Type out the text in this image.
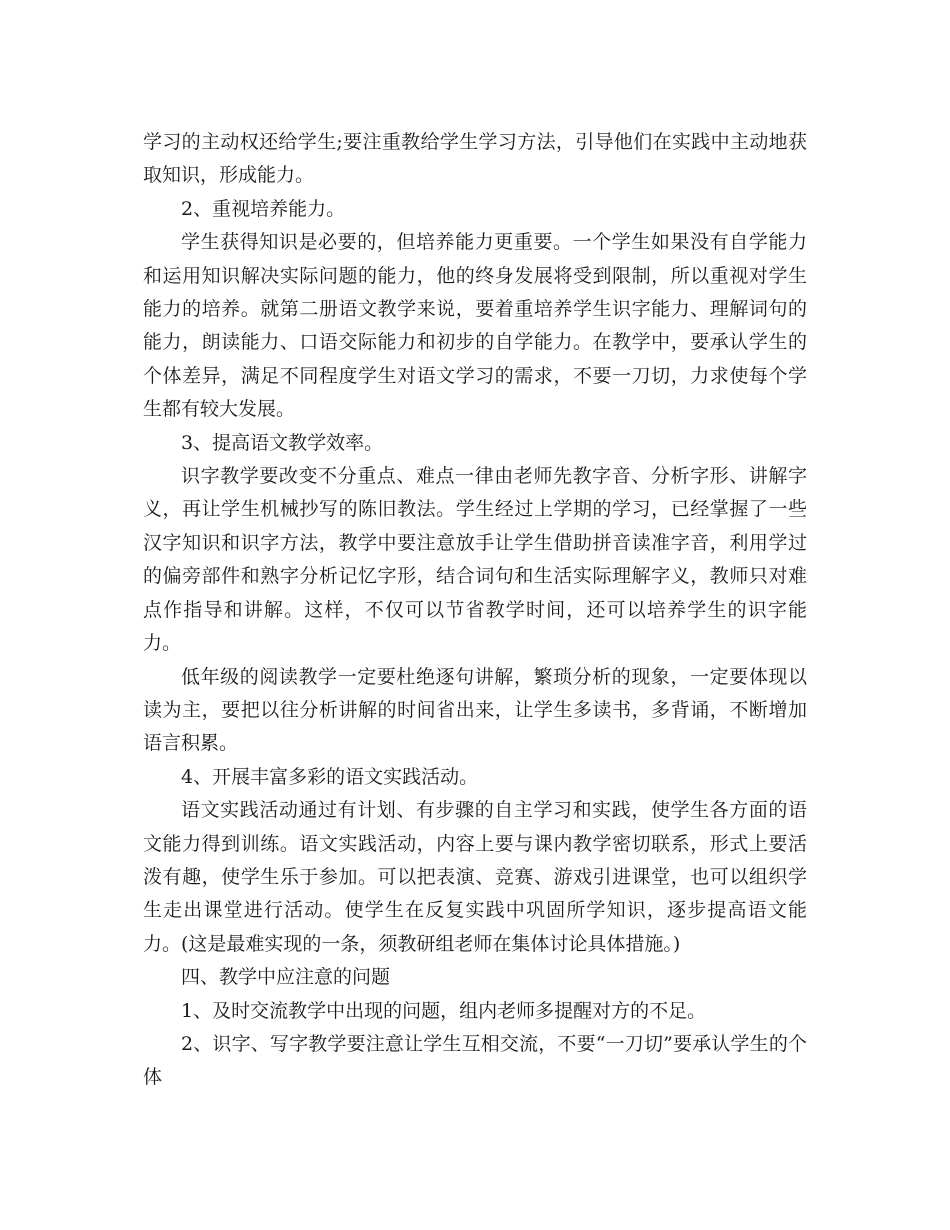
学习的主动权还给学生;要注重教给学生学习方法，引导他们在实践中主动地获取知识，形成能力。

2、重视培养能力。

学生获得知识是必要的，但培养能力更重要。一个学生如果没有自学能力和运用知识解决实际问题的能力，他的终身发展将受到限制，所以重视对学生能力的培养。就第二册语文教学来说，要着重培养学生识字能力、理解词句的能力，朗读能力、口语交际能力和初步的自学能力。在教学中，要承认学生的个体差异，满足不同程度学生对语文学习的需求，不要一刀切，力求使每个学生都有较大发展。

3、提高语文教学效率。

识字教学要改变不分重点、难点一律由老师先教字音、分析字形、讲解字义，再让学生机械抄写的陈旧教法。学生经过上学期的学习，已经掌握了一些汉字知识和识字方法，教学中要注意放手让学生借助拼音读准字音，利用学过的偏旁部件和熟字分析记忆字形，结合词句和生活实际理解字义，教师只对难点作指导和讲解。这样，不仅可以节省教学时间，还可以培养学生的识字能力。

低年级的阅读教学一定要杜绝逐句讲解，繁琐分析的现象，一定要体现以读为主，要把以往分析讲解的时间省出来，让学生多读书，多背诵，不断增加语言积累。

4、开展丰富多彩的语文实践活动。

语文实践活动通过有计划、有步骤的自主学习和实践，使学生各方面的语文能力得到训练。语文实践活动，内容上要与课内教学密切联系，形式上要活泼有趣，使学生乐于参加。可以把表演、竞赛、游戏引进课堂，也可以组织学生走出课堂进行活动。使学生在反复实践中巩固所学知识，逐步提高语文能力。(这是最难实现的一条，须教研组老师在集体讨论具体措施。)

四、教学中应注意的问题

1、及时交流教学中出现的问题，组内老师多提醒对方的不足。

2、识字、写字教学要注意让学生互相交流，不要“一刀切”要承认学生的个体
